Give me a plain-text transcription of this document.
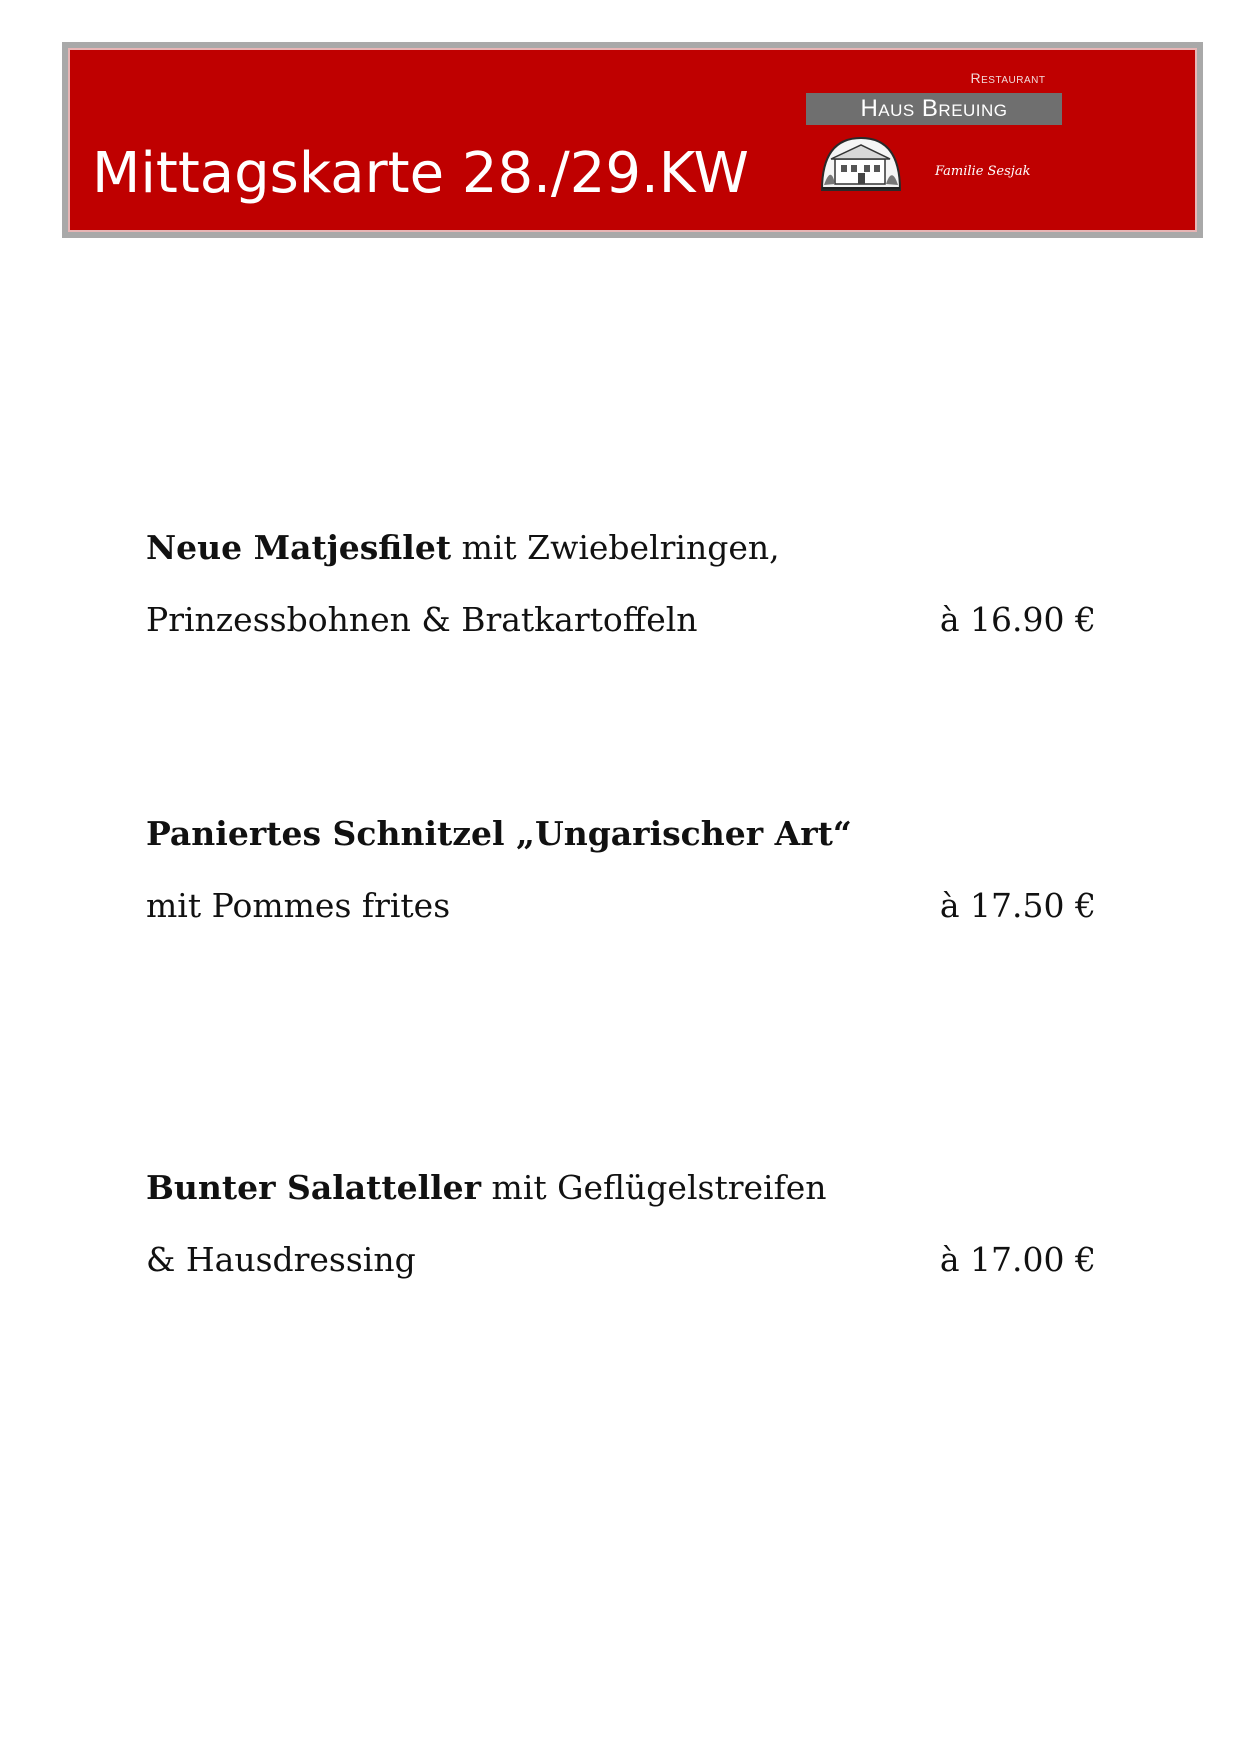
Mittagskarte 28./29.KW
Restaurant
Haus Breuing
Familie Sesjak
Neue Matjesfilet mit Zwiebelringen,
Prinzessbohnen & Bratkartoffeln	à 16.90 €
Paniertes Schnitzel „Ungarischer Art“
mit Pommes frites	à 17.50 €
Bunter Salatteller mit Geflügelstreifen
& Hausdressing	à 17.00 €
